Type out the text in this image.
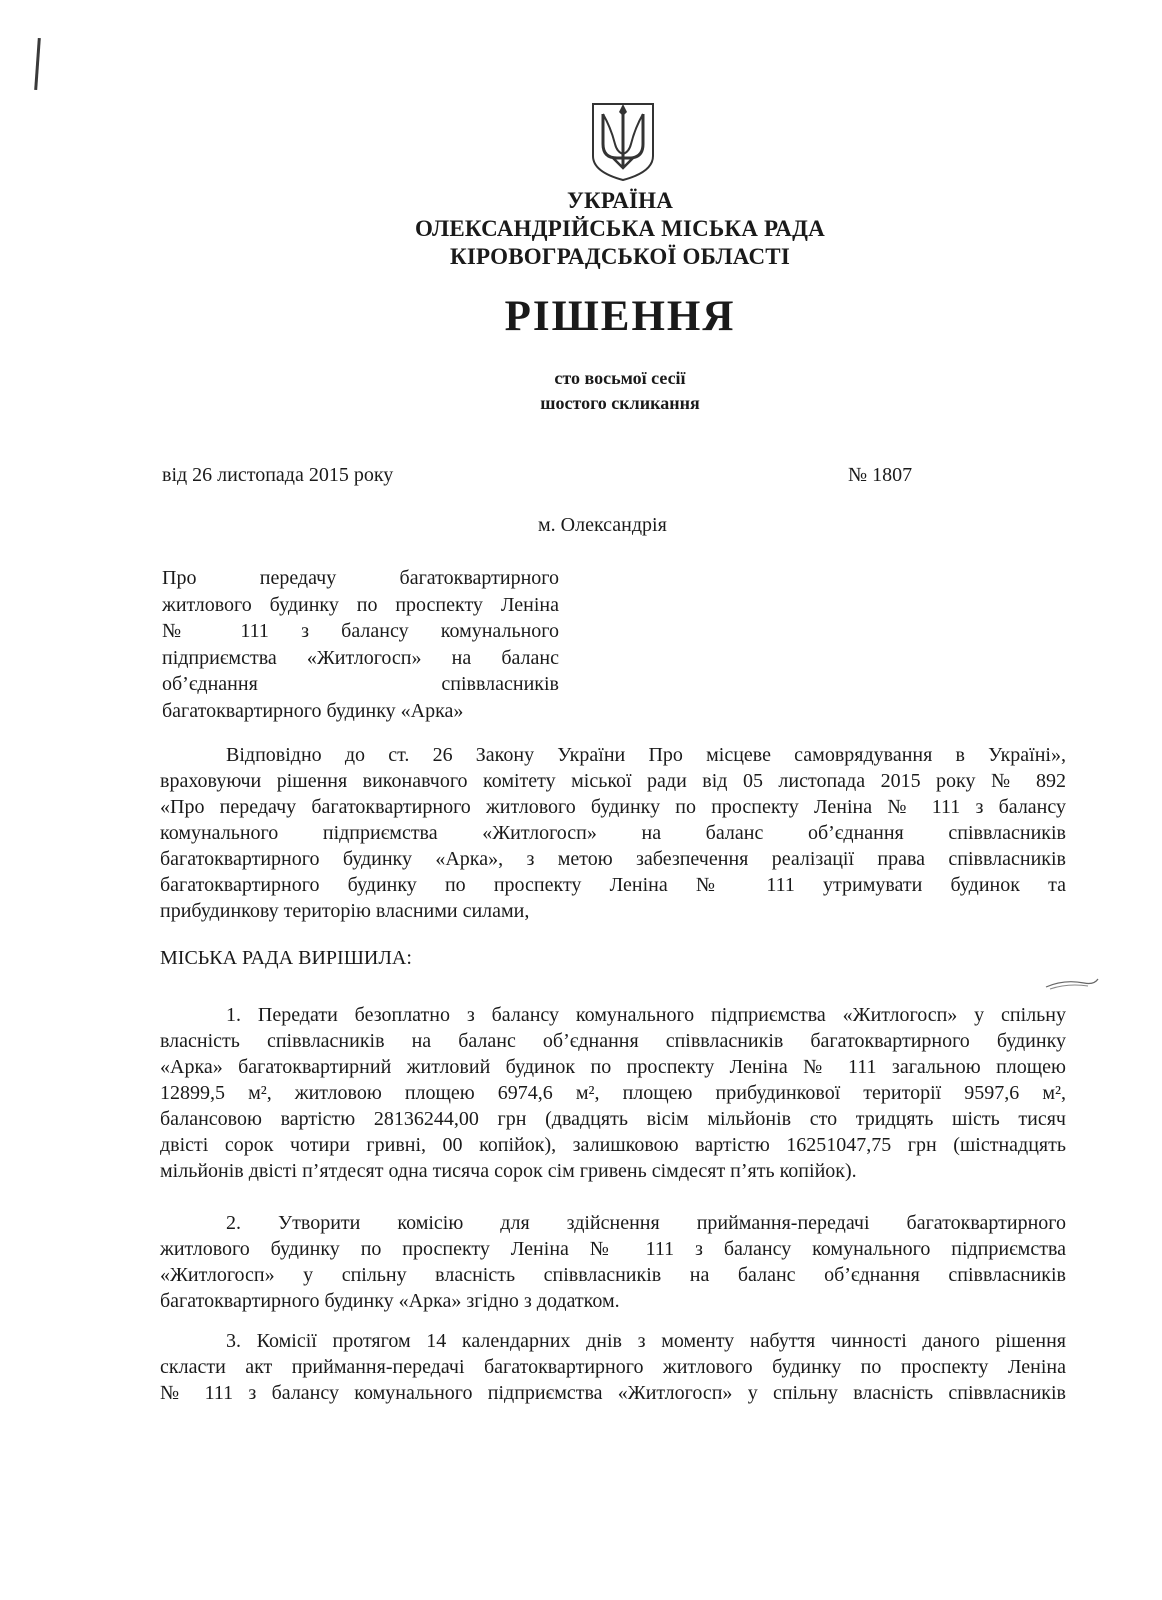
УКРАЇНА
ОЛЕКСАНДРІЙСЬКА МІСЬКА РАДА
КІРОВОГРАДСЬКОЇ ОБЛАСТІ
РІШЕННЯ
сто восьмої сесії
шостого скликання
від 26 листопада 2015 року	№ 1807
м. Олександрія
Про передачу багатоквартирного
житлового будинку по проспекту Леніна
№ 111 з балансу комунального
підприємства «Житлогосп» на баланс
об’єднання співвласників
багатоквартирного будинку «Арка»
Відповідно до ст. 26 Закону України Про місцеве самоврядування в Україні»,
враховуючи рішення виконавчого комітету міської ради від 05 листопада 2015 року № 892
«Про передачу багатоквартирного житлового будинку по проспекту Леніна № 111 з балансу
комунального підприємства «Житлогосп» на баланс об’єднання співвласників
багатоквартирного будинку «Арка», з метою забезпечення реалізації права співвласників
багатоквартирного будинку по проспекту Леніна № 111 утримувати будинок та
прибудинкову територію власними силами,
МІСЬКА РАДА ВИРІШИЛА:
1. Передати безоплатно з балансу комунального підприємства «Житлогосп» у спільну
власність співвласників на баланс об’єднання співвласників багатоквартирного будинку
«Арка» багатоквартирний житловий будинок по проспекту Леніна № 111 загальною площею
12899,5 м², житловою площею 6974,6 м², площею прибудинкової території 9597,6 м²,
балансовою вартістю 28136244,00 грн (двадцять вісім мільйонів сто тридцять шість тисяч
двісті сорок чотири гривні, 00 копійок), залишковою вартістю 16251047,75 грн (шістнадцять
мільйонів двісті п’ятдесят одна тисяча сорок сім гривень сімдесят п’ять копійок).
2. Утворити комісію для здійснення приймання-передачі багатоквартирного
житлового будинку по проспекту Леніна № 111 з балансу комунального підприємства
«Житлогосп» у спільну власність співвласників на баланс об’єднання співвласників
багатоквартирного будинку «Арка» згідно з додатком.
3. Комісії протягом 14 календарних днів з моменту набуття чинності даного рішення
скласти акт приймання-передачі багатоквартирного житлового будинку по проспекту Леніна
№ 111 з балансу комунального підприємства «Житлогосп» у спільну власність співвласників
